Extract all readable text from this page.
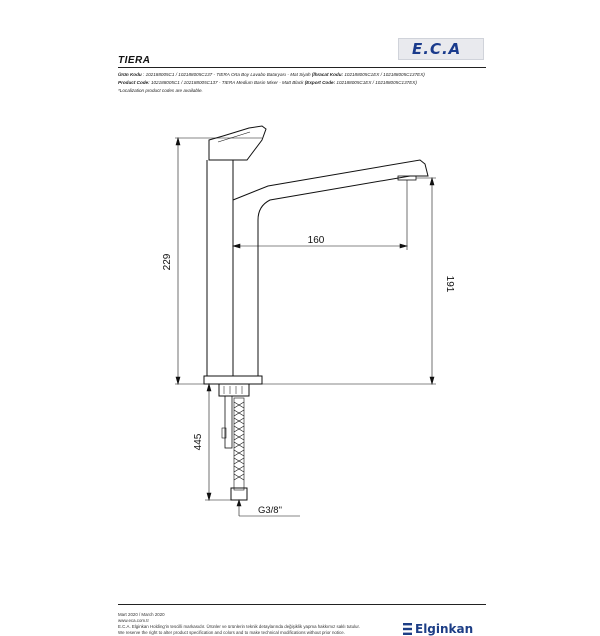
E.C.A
TIERA
Ürün Kodu : 102188005C1 / 102188005C137 - TIERA Orta Boy Lavabo Bataryası - Mat Siyah (İhracat Kodu: 102188005C1EX / 102188005C137EX)
Product Code: 102188005C1 / 102188005C137 - TIERA Medium Basin Mixer - Matt Black (Export Code: 102188005C1EX / 102188005C137EX)
*Localization product codes are available.
229
160
191
445
G3/8"
Mart 2020 / March 2020
www.eca.com.tr
E.C.A. Elginkan Holding'in tescilli markasıdır. Ürünler ve ürünlerin teknik detaylarında değişiklik yapma hakkımız saklı tutulur.
We reserve the right to alter product specification and colors and to make technical modifications without prior notice.	Elginkan
